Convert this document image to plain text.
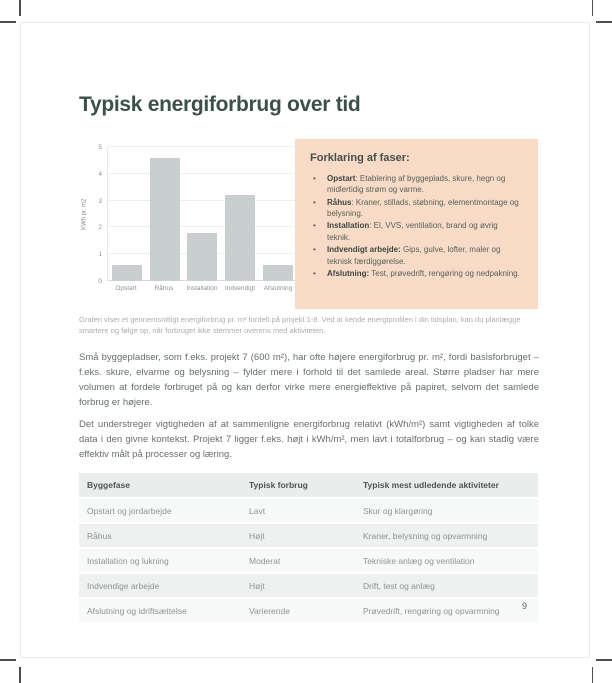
Typisk energiforbrug over tid
KWh pr. m2
0
1
2
3
4
5
Opstart	Råhus	Installation	Indvendigt	Afslutning
Forklaring af faser:
• Opstart: Etablering af byggeplads, skure, hegn og midlertidig strøm og varme.
• Råhus: Kraner, stillads, støbning, elementmontage og belysning.
• Installation: El, VVS, ventilation, brand og øvrig teknik.
• Indvendigt arbejde: Gips, gulve, lofter, maler og teknisk færdiggørelse.
• Afslutning: Test, prøvedrift, rengøring og nedpakning.

Grafen viser et gennemsnitligt energiforbrug pr. m² fordelt på projekt 1-8. Ved at kende energiprofilen i din tidsplan, kan du planlægge smartere og følge op, når forbruget ikke stemmer overens med aktiviteten.

Små byggepladser, som f.eks. projekt 7 (600 m²), har ofte højere energiforbrug pr. m², fordi basisforbruget – f.eks. skure, elvarme og belysning – fylder mere i forhold til det samlede areal. Større pladser har mere volumen at fordele forbruget på og kan derfor virke mere energieffektive på papiret, selvom det samlede forbrug er højere.

Det understreger vigtigheden af at sammenligne energiforbrug relativt (kWh/m²) samt vigtigheden af tolke data i den givne kontekst. Projekt 7 ligger f.eks. højt i kWh/m², men lavt i totalforbrug – og kan stadig være effektiv målt på processer og læring.

Byggefase	Typisk forbrug	Typisk mest udledende aktiviteter
Opstart og jordarbejde	Lavt	Skur og klargøring
Råhus	Højt	Kraner, belysning og opvarmning
Installation og lukning	Moderat	Tekniske anlæg og ventilation
Indvendige arbejde	Højt	Drift, test og anlæg
Afslutning og idriftsættelse	Varierende	Prøvedrift, rengøring og opvarmning	9
